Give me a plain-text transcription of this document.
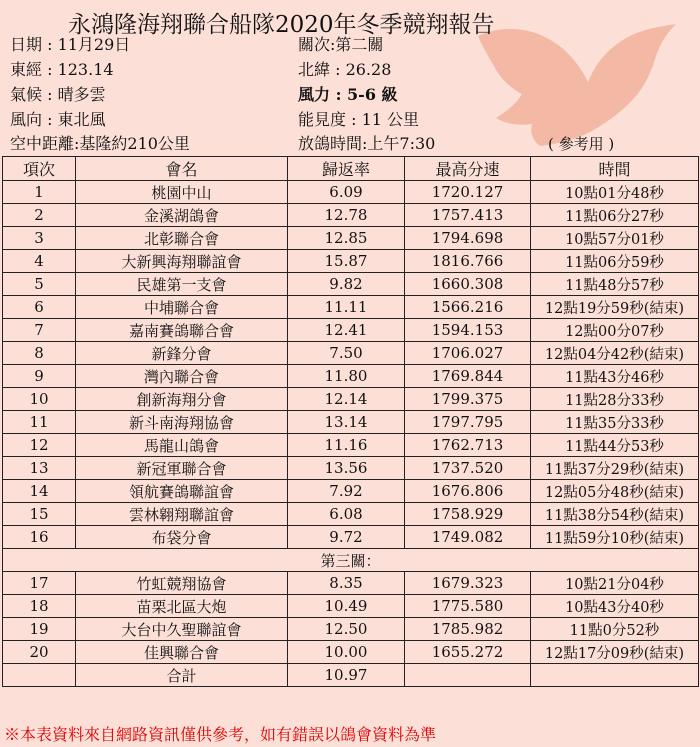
永鴻隆海翔聯合船隊2020年冬季競翔報告
日期 : 11月29日	關次:第二關
東經 : 123.14	北緯 : 26.28
氣候 : 晴多雲	風力 : 5-6 級
風向 : 東北風	能見度 : 11 公里
空中距離:基隆約210公里	放鴿時間:上午7:30	( 參考用 )
項次	會名	歸返率	最高分速	時間
1	桃園中山	6.09	1720.127	10點01分48秒
2	金溪湖鴿會	12.78	1757.413	11點06分27秒
3	北彰聯合會	12.85	1794.698	10點57分01秒
4	大新興海翔聯誼會	15.87	1816.766	11點06分59秒
5	民雄第一支會	9.82	1660.308	11點48分57秒
6	中埔聯合會	11.11	1566.216	12點19分59秒(結束)
7	嘉南賽鴿聯合會	12.41	1594.153	12點00分07秒
8	新鋒分會	7.50	1706.027	12點04分42秒(結束)
9	灣內聯合會	11.80	1769.844	11點43分46秒
10	創新海翔分會	12.14	1799.375	11點28分33秒
11	新斗南海翔協會	13.14	1797.795	11點35分33秒
12	馬龍山鴿會	11.16	1762.713	11點44分53秒
13	新冠軍聯合會	13.56	1737.520	11點37分29秒(結束)
14	領航賽鴿聯誼會	7.92	1676.806	12點05分48秒(結束)
15	雲林翱翔聯誼會	6.08	1758.929	11點38分54秒(結束)
16	布袋分會	9.72	1749.082	11點59分10秒(結束)
第三關：				
17	竹虹競翔協會	8.35	1679.323	10點21分04秒
18	苗栗北區大炮	10.49	1775.580	10點43分40秒
19	大台中久聖聯誼會	12.50	1785.982	11點0分52秒
20	佳興聯合會	10.00	1655.272	12點17分09秒(結束)
	合計	10.97		
※本表資料來自網路資訊僅供參考，如有錯誤以鴿會資料為準
